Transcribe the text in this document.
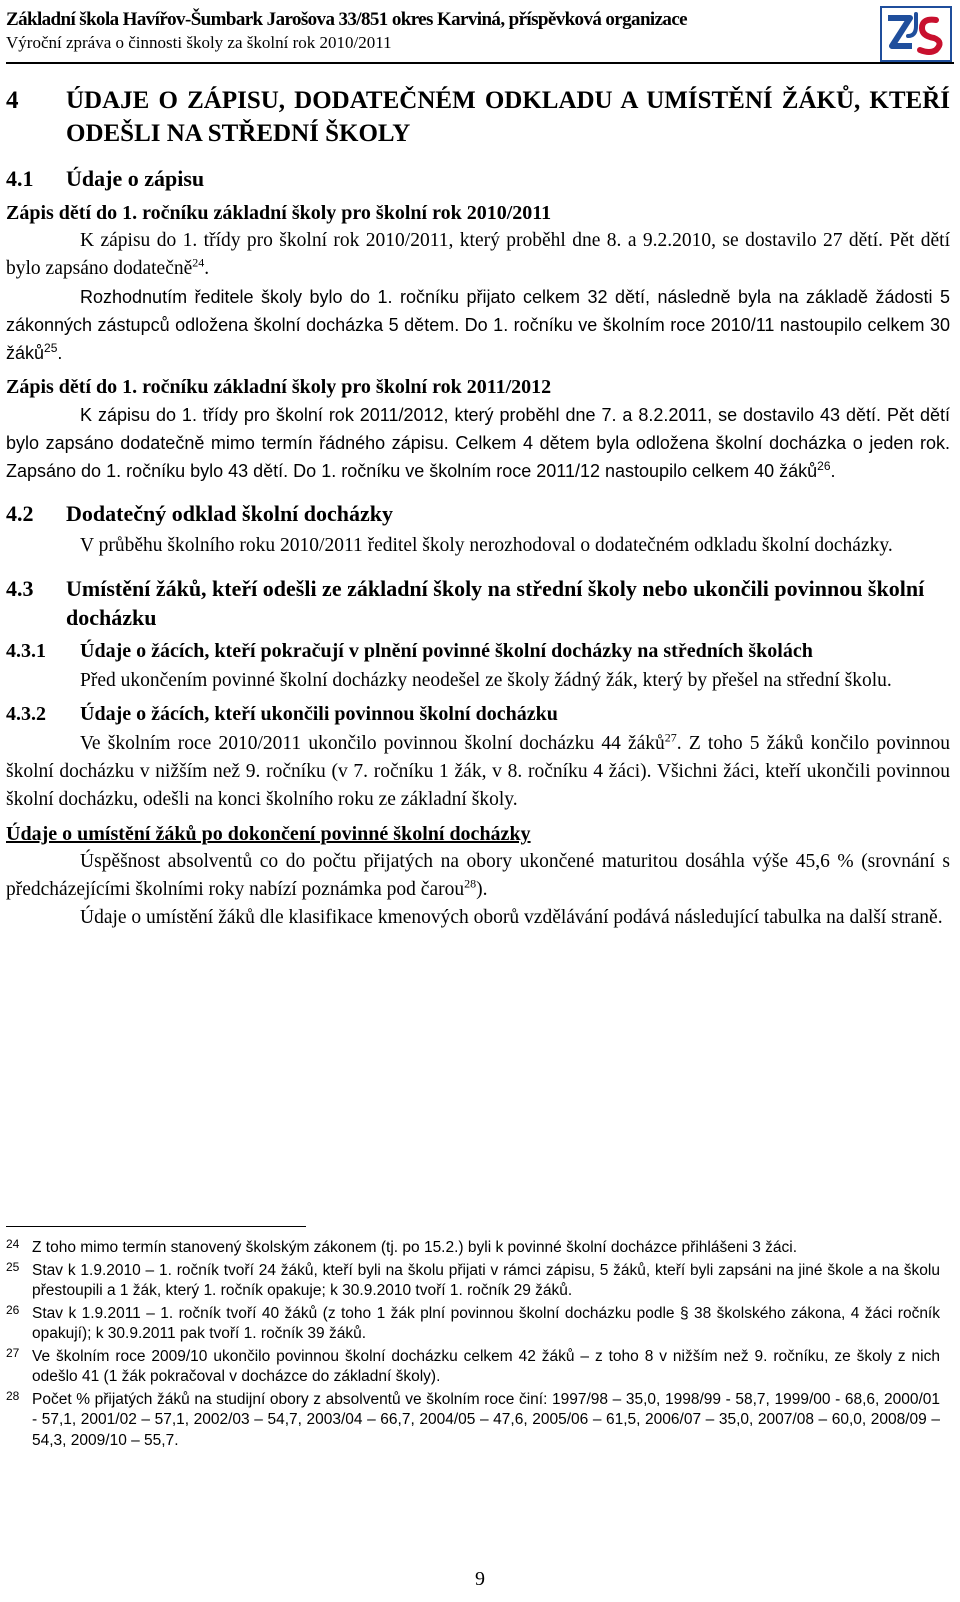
Základní škola Havířov-Šumbark Jarošova 33/851 okres Karviná, příspěvková organizace
Výroční zpráva o činnosti školy za školní rok 2010/2011
4	ÚDAJE O ZÁPISU, DODATEČNÉM ODKLADU A UMÍSTĚNÍ ŽÁKŮ, KTEŘÍ ODEŠLI NA STŘEDNÍ ŠKOLY
4.1	Údaje o zápisu
Zápis dětí do 1. ročníku základní školy pro školní rok 2010/2011

K zápisu do 1. třídy pro školní rok 2010/2011, který proběhl dne 8. a 9.2.2010, se dostavilo 27 dětí. Pět dětí bylo zapsáno dodatečně$^{24}$.

Rozhodnutím ředitele školy bylo do 1. ročníku přijato celkem 32 dětí, následně byla na základě žádosti 5 zákonných zástupců odložena školní docházka 5 dětem. Do 1. ročníku ve školním roce 2010/11 nastoupilo celkem 30 žáků$^{25}$.

Zápis dětí do 1. ročníku základní školy pro školní rok 2011/2012

K zápisu do 1. třídy pro školní rok 2011/2012, který proběhl dne 7. a 8.2.2011, se dostavilo 43 dětí. Pět dětí bylo zapsáno dodatečně mimo termín řádného zápisu. Celkem 4 dětem byla odložena školní docházka o jeden rok. Zapsáno do 1. ročníku bylo 43 dětí. Do 1. ročníku ve školním roce 2011/12 nastoupilo celkem 40 žáků$^{26}$.

4.2	Dodatečný odklad školní docházky

V průběhu školního roku 2010/2011 ředitel školy nerozhodoval o dodatečném odkladu školní docházky.

4.3	Umístění žáků, kteří odešli ze základní školy na střední školy nebo ukončili povinnou školní docházku
4.3.1	Údaje o žácích, kteří pokračují v plnění povinné školní docházky na středních školách

Před ukončením povinné školní docházky neodešel ze školy žádný žák, který by přešel na střední školu.

4.3.2	Údaje o žácích, kteří ukončili povinnou školní docházku

Ve školním roce 2010/2011 ukončilo povinnou školní docházku 44 žáků$^{27}$. Z toho 5 žáků končilo povinnou školní docházku v nižším než 9. ročníku (v 7. ročníku 1 žák, v 8. ročníku 4 žáci). Všichni žáci, kteří ukončili povinnou školní docházku, odešli na konci školního roku ze základní školy.

Údaje o umístění žáků po dokončení povinné školní docházky

Úspěšnost absolventů co do počtu přijatých na obory ukončené maturitou dosáhla výše 45,6 % (srovnání s předcházejícími školními roky nabízí poznámka pod čarou$^{28}$).

Údaje o umístění žáků dle klasifikace kmenových oborů vzdělávání podává následující tabulka na další straně.

24 Z toho mimo termín stanovený školským zákonem (tj. po 15.2.) byli k povinné školní docházce přihlášeni 3 žáci.
25 Stav k 1.9.2010 – 1. ročník tvoří 24 žáků, kteří byli na školu přijati v rámci zápisu, 5 žáků, kteří byli zapsáni na jiné škole a na školu přestoupili a 1 žák, který 1. ročník opakuje; k 30.9.2010 tvoří 1. ročník 29 žáků.
26 Stav k 1.9.2011 – 1. ročník tvoří 40 žáků (z toho 1 žák plní povinnou školní docházku podle § 38 školského zákona, 4 žáci ročník opakují); k 30.9.2011 pak tvoří 1. ročník 39 žáků.
27 Ve školním roce 2009/10 ukončilo povinnou školní docházku celkem 42 žáků – z toho 8 v nižším než 9. ročníku, ze školy z nich odešlo 41 (1 žák pokračoval v docházce do základní školy).
28 Počet % přijatých žáků na studijní obory z absolventů ve školním roce činí: 1997/98 – 35,0, 1998/99 - 58,7, 1999/00 - 68,6, 2000/01 - 57,1, 2001/02 – 57,1, 2002/03 – 54,7, 2003/04 – 66,7, 2004/05 – 47,6, 2005/06 – 61,5, 2006/07 – 35,0, 2007/08 – 60,0, 2008/09 – 54,3, 2009/10 – 55,7.
9
